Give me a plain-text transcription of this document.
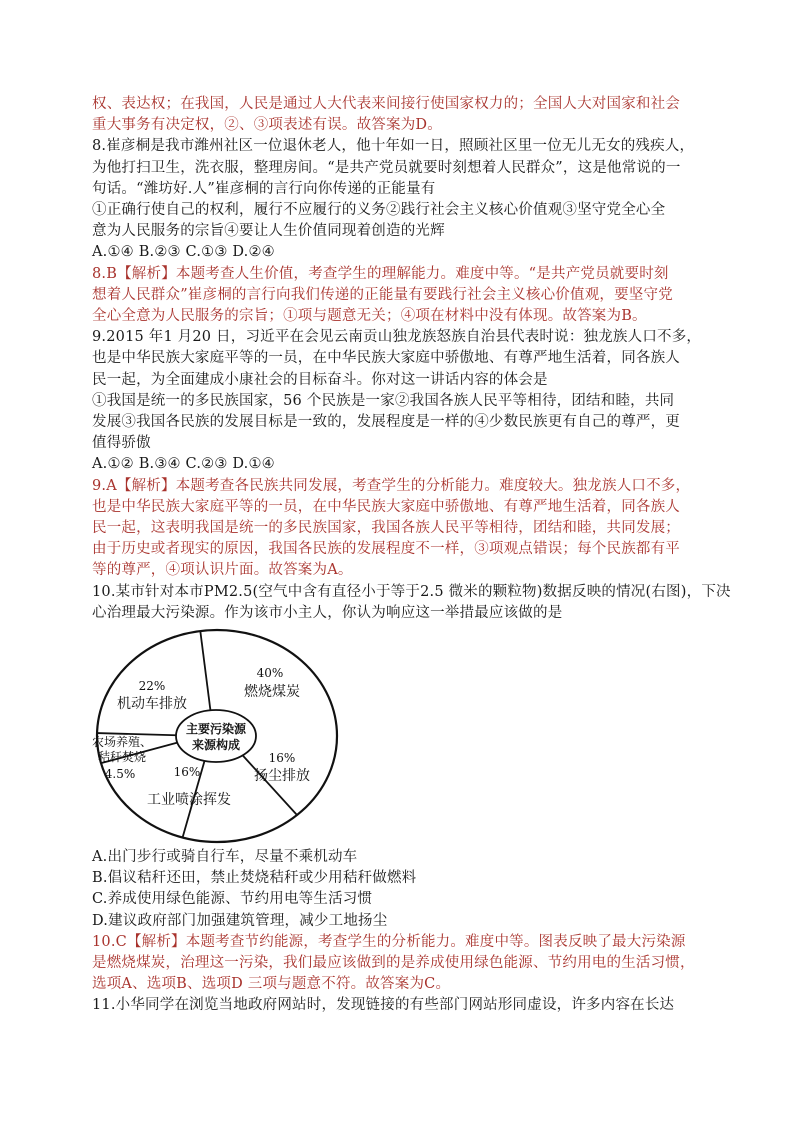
权、表达权；在我国，人民是通过人大代表来间接行使国家权力的；全国人大对国家和社会
重大事务有决定权，②、③项表述有误。故答案为D。
8.崔彦桐是我市潍州社区一位退休老人，他十年如一日，照顾社区里一位无儿无女的残疾人，
为他打扫卫生，洗衣服，整理房间。“是共产党员就要时刻想着人民群众”，这是他常说的一
句话。“潍坊好.人”崔彦桐的言行向你传递的正能量有
①正确行使自己的权利，履行不应履行的义务②践行社会主义核心价值观③坚守党全心全
意为人民服务的宗旨④要让人生价值同现着创造的光辉
A.①④ B.②③ C.①③ D.②④
8.B【解析】本题考查人生价值，考查学生的理解能力。难度中等。“是共产党员就要时刻
想着人民群众”崔彦桐的言行向我们传递的正能量有要践行社会主义核心价值观，要坚守党
全心全意为人民服务的宗旨；①项与题意无关；④项在材料中没有体现。故答案为B。
9.2015 年1 月20 日，习近平在会见云南贡山独龙族怒族自治县代表时说：独龙族人口不多，
也是中华民族大家庭平等的一员，在中华民族大家庭中骄傲地、有尊严地生活着，同各族人
民一起，为全面建成小康社会的目标奋斗。你对这一讲话内容的体会是
①我国是统一的多民族国家，56 个民族是一家②我国各族人民平等相待，团结和睦，共同
发展③我国各民族的发展目标是一致的，发展程度是一样的④少数民族更有自己的尊严，更
值得骄傲
A.①② B.③④ C.②③ D.①④
9.A【解析】本题考查各民族共同发展，考查学生的分析能力。难度较大。独龙族人口不多，
也是中华民族大家庭平等的一员，在中华民族大家庭中骄傲地、有尊严地生活着，同各族人
民一起，这表明我国是统一的多民族国家，我国各族人民平等相待，团结和睦，共同发展；
由于历史或者现实的原因，我国各民族的发展程度不一样，③项观点错误；每个民族都有平
等的尊严，④项认识片面。故答案为A。
10.某市针对本市PM2.5(空气中含有直径小于等于2.5 微米的颗粒物)数据反映的情况(右图)，下决
心治理最大污染源。作为该市小主人，你认为响应这一举措最应该做的是
主要污染源
来源构成
40%
燃烧煤炭
16%
扬尘排放
16%
工业喷涂挥发
农场养殖、
秸秆焚烧
4.5%
22%
机动车排放
A.出门步行或骑自行车，尽量不乘机动车
B.倡议秸秆还田，禁止焚烧秸秆或少用秸秆做燃料
C.养成使用绿色能源、节约用电等生活习惯
D.建议政府部门加强建筑管理，减少工地扬尘
10.C【解析】本题考查节约能源，考查学生的分析能力。难度中等。图表反映了最大污染源
是燃烧煤炭，治理这一污染，我们最应该做到的是养成使用绿色能源、节约用电的生活习惯，
选项A、选项B、选项D 三项与题意不符。故答案为C。
11.小华同学在浏览当地政府网站时，发现链接的有些部门网站形同虚设，许多内容在长达
